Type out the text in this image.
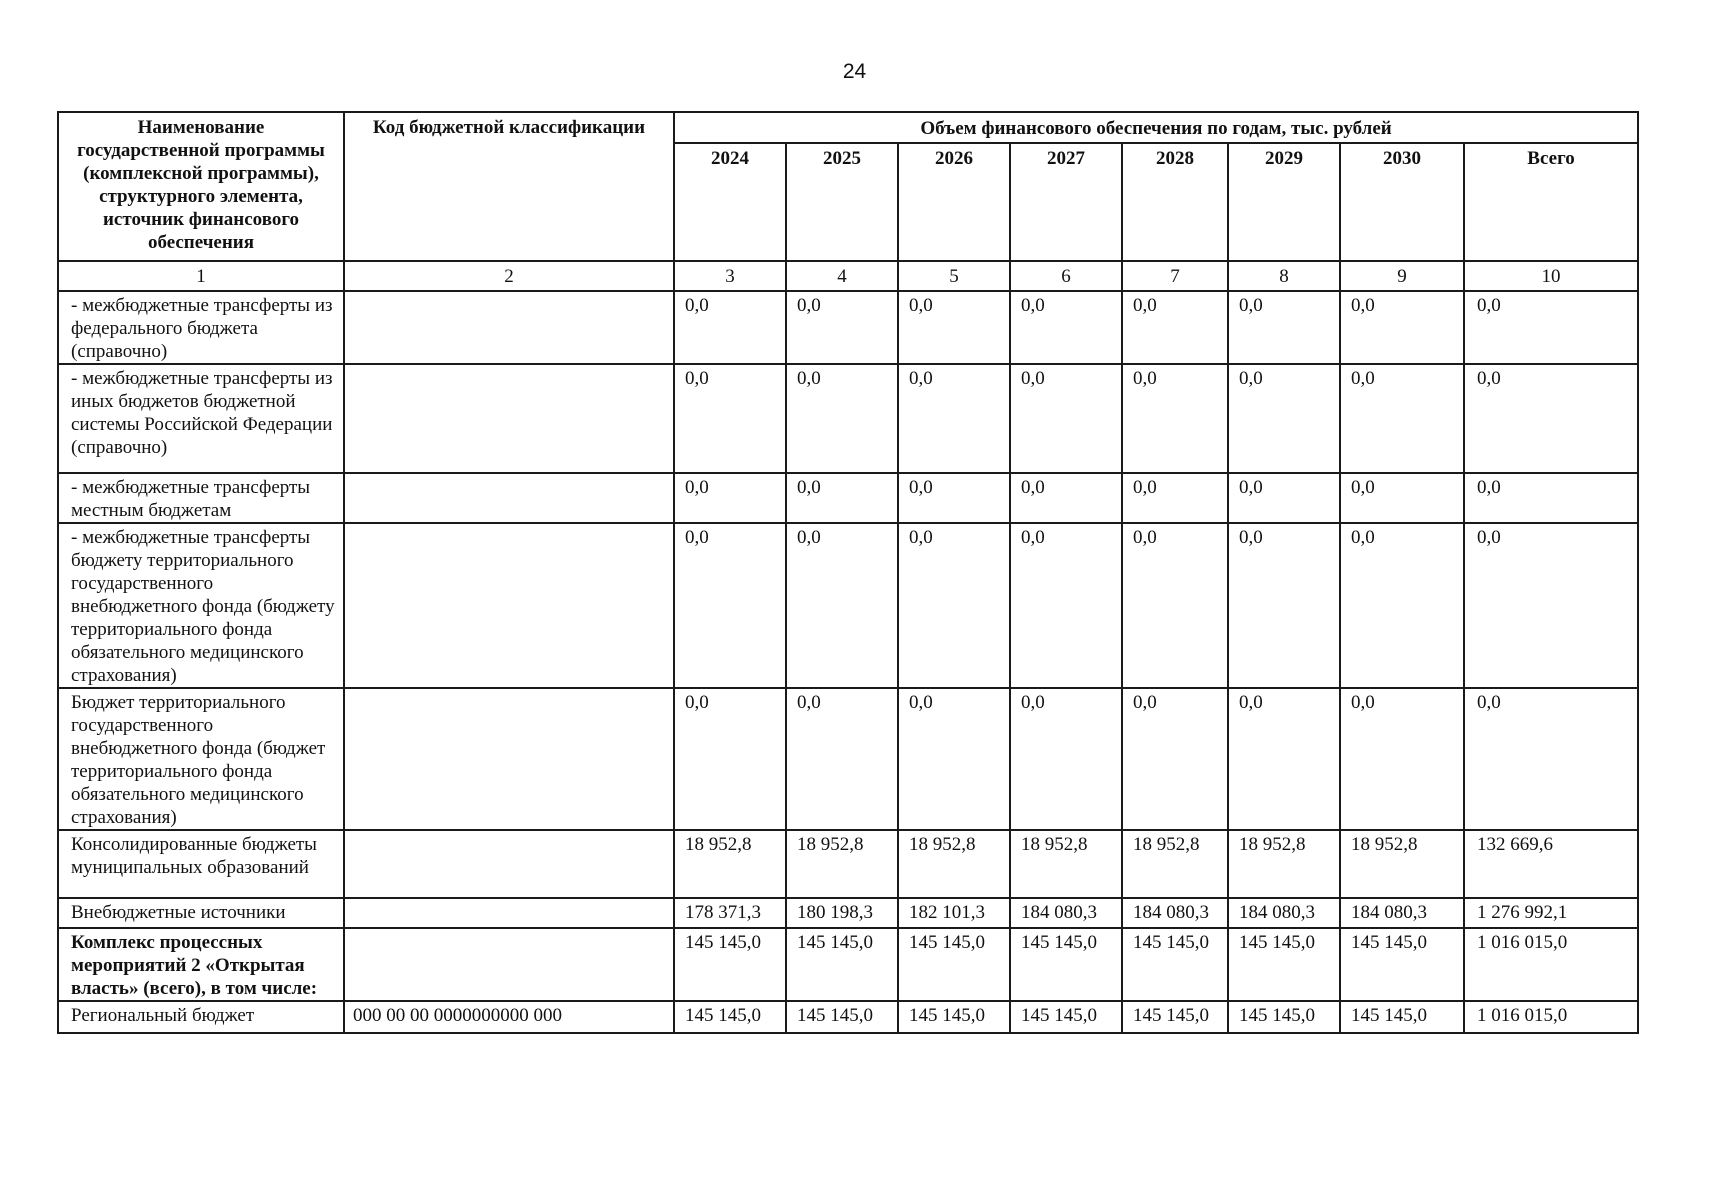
24
Наименование государственной программы (комплексной программы), структурного элемента, источник финансового обеспечения	Код бюджетной классификации	Объем финансового обеспечения по годам, тыс. рублей							
		2024	2025	2026	2027	2028	2029	2030	Всего
1	2	3	4	5	6	7	8	9	10
- межбюджетные трансферты из федерального бюджета (справочно)		0,0	0,0	0,0	0,0	0,0	0,0	0,0	0,0
- межбюджетные трансферты из иных бюджетов бюджетной системы Российской Федерации (справочно)		0,0	0,0	0,0	0,0	0,0	0,0	0,0	0,0
- межбюджетные трансферты местным бюджетам		0,0	0,0	0,0	0,0	0,0	0,0	0,0	0,0
- межбюджетные трансферты бюджету территориального государственного внебюджетного фонда (бюджету территориального фонда обязательного медицинского страхования)		0,0	0,0	0,0	0,0	0,0	0,0	0,0	0,0
Бюджет территориального государственного внебюджетного фонда (бюджет территориального фонда обязательного медицинского страхования)		0,0	0,0	0,0	0,0	0,0	0,0	0,0	0,0
Консолидированные бюджеты муниципальных образований		18 952,8	18 952,8	18 952,8	18 952,8	18 952,8	18 952,8	18 952,8	132 669,6
Внебюджетные источники		178 371,3	180 198,3	182 101,3	184 080,3	184 080,3	184 080,3	184 080,3	1 276 992,1
Комплекс процессных мероприятий 2 «Открытая власть» (всего), в том числе:		145 145,0	145 145,0	145 145,0	145 145,0	145 145,0	145 145,0	145 145,0	1 016 015,0
Региональный бюджет	000 00 00 0000000000 000	145 145,0	145 145,0	145 145,0	145 145,0	145 145,0	145 145,0	145 145,0	1 016 015,0
